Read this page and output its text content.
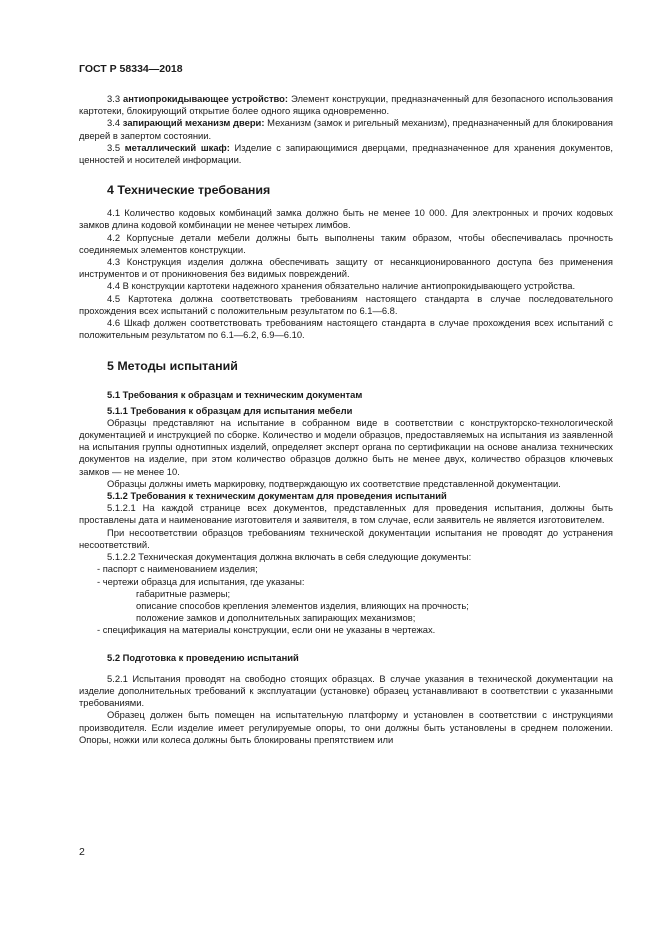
ГОСТ Р 58334—2018

3.3 антиопрокидывающее устройство: Элемент конструкции, предназначенный для безопасного использования картотеки, блокирующий открытие более одного ящика одновременно.

3.4 запирающий механизм двери: Механизм (замок и ригельный механизм), предназначенный для блокирования дверей в запертом состоянии.

3.5 металлический шкаф: Изделие с запирающимися дверцами, предназначенное для хранения документов, ценностей и носителей информации.

4 Технические требования

4.1 Количество кодовых комбинаций замка должно быть не менее 10 000. Для электронных и прочих кодовых замков длина кодовой комбинации не менее четырех лимбов.

4.2 Корпусные детали мебели должны быть выполнены таким образом, чтобы обеспечивалась прочность соединяемых элементов конструкции.

4.3 Конструкция изделия должна обеспечивать защиту от несанкционированного доступа без применения инструментов и от проникновения без видимых повреждений.

4.4 В конструкции картотеки надежного хранения обязательно наличие антиопрокидывающего устройства.

4.5 Картотека должна соответствовать требованиям настоящего стандарта в случае последовательного прохождения всех испытаний с положительным результатом по 6.1—6.8.

4.6 Шкаф должен соответствовать требованиям настоящего стандарта в случае прохождения всех испытаний с положительным результатом по 6.1—6.2, 6.9—6.10.

5 Методы испытаний
5.1 Требования к образцам и техническим документам
5.1.1 Требования к образцам для испытания мебели

Образцы представляют на испытание в собранном виде в соответствии с конструкторско-технологической документацией и инструкцией по сборке. Количество и модели образцов, предоставляемых на испытания из заявленной на испытания группы однотипных изделий, определяет эксперт органа по сертификации на основе анализа технических документов на изделие, при этом количество образцов должно быть не менее двух, количество образцов ключевых замков — не менее 10.

Образцы должны иметь маркировку, подтверждающую их соответствие представленной документации.

5.1.2 Требования к техническим документам для проведения испытаний

5.1.2.1 На каждой странице всех документов, представленных для проведения испытания, должны быть проставлены дата и наименование изготовителя и заявителя, в том случае, если заявитель не является изготовителем.

При несоответствии образцов требованиям технической документации испытания не проводят до устранения несоответствий.

5.1.2.2 Техническая документация должна включать в себя следующие документы:

- паспорт с наименованием изделия;

- чертежи образца для испытания, где указаны:

габаритные размеры;

описание способов крепления элементов изделия, влияющих на прочность;

положение замков и дополнительных запирающих механизмов;

- спецификация на материалы конструкции, если они не указаны в чертежах.

5.2 Подготовка к проведению испытаний

5.2.1 Испытания проводят на свободно стоящих образцах. В случае указания в технической документации на изделие дополнительных требований к эксплуатации (установке) образец устанавливают в соответствии с указанными требованиями.

Образец должен быть помещен на испытательную платформу и установлен в соответствии с инструкциями производителя. Если изделие имеет регулируемые опоры, то они должны быть установлены в среднем положении. Опоры, ножки или колеса должны быть блокированы препятствием или

2
